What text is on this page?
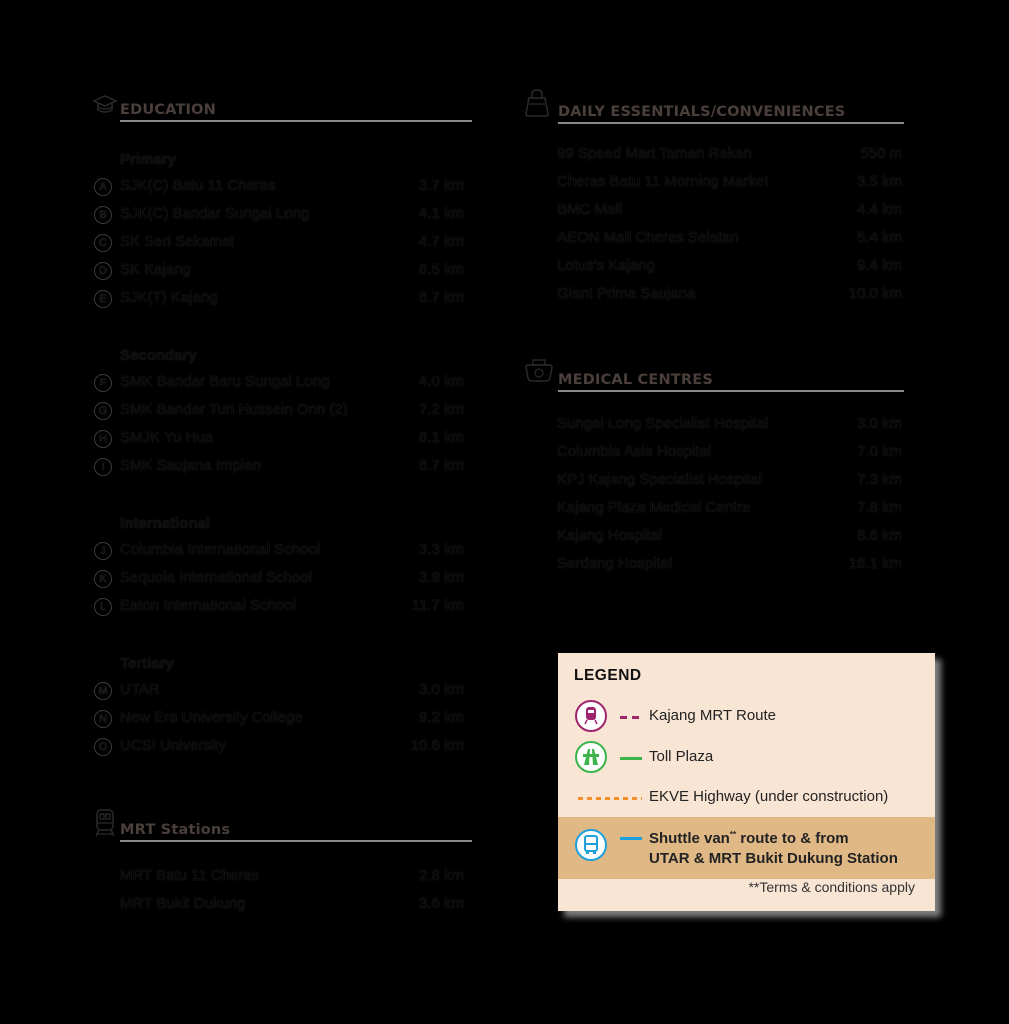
EDUCATION
Primary
A SJK(C) Batu 11 Cheras	3.7 km
B SJK(C) Bandar Sungai Long	4.1 km
C SK Seri Sekamat	4.7 km
D SK Kajang	8.5 km
E SJK(T) Kajang	8.7 km
Secondary
F SMK Bandar Baru Sungai Long	4.0 km
G SMK Bandar Tun Hussein Onn (2)	7.2 km
H SMJK Yu Hua	8.1 km
I	SMK Saujana Impian	8.7 km
International
J Columbia International School	3.3 km
K Sequoia International School	3.9 km
L Eaton International School	11.7 km
Tertiary
M UTAR	3.0 km
N New Era University College	9.2 km
O UCSI University	10.6 km
MRT Stations
MRT Batu 11 Cheras	2.8 km
MRT Bukit Dukung	3.6 km
DAILY ESSENTIALS/CONVENIENCES
99 Speed Mart Taman Rakan	550 m
Cheras Batu 11 Morning Market	3.5 km
BMC Mall	4.4 km
AEON Mall Cheras Selatan	5.4 km
Lotus's Kajang	9.4 km
Giant Prima Saujana	10.0 km
MEDICAL CENTRES
Sungai Long Specialist Hospital	3.0 km
Columbia Asia Hospital	7.0 km
KPJ Kajang Specialist Hospital	7.3 km
Kajang Plaza Medical Centre	7.8 km
Kajang Hospital	8.6 km
Serdang Hospital	16.1 km
LEGEND
Kajang MRT Route
Toll Plaza
EKVE Highway (under construction)
Shuttle van** route to & from
UTAR & MRT Bukit Dukung Station
**Terms & conditions apply
